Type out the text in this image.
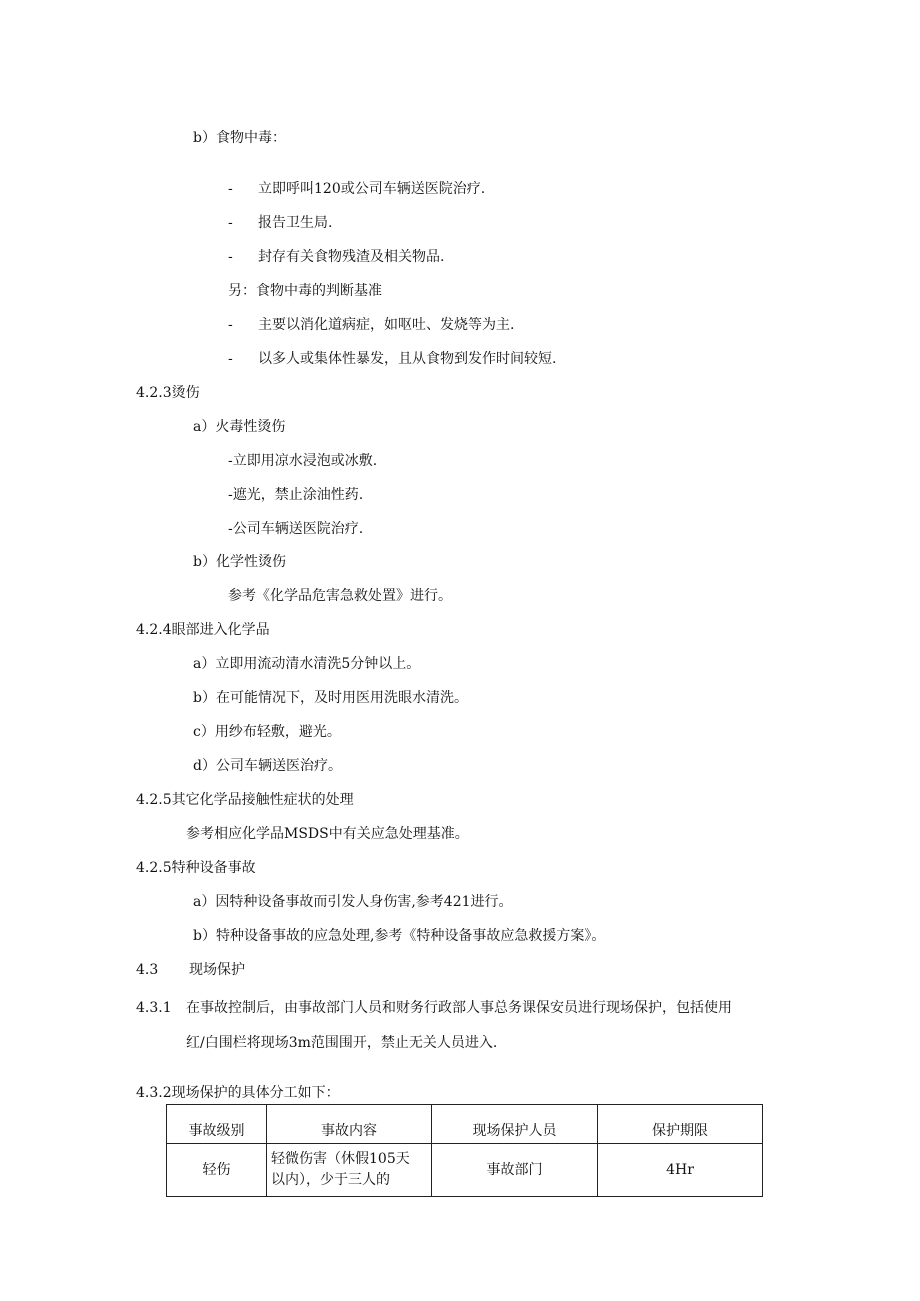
b）食物中毒：
- 立即呼叫120或公司车辆送医院治疗.
- 报告卫生局.
- 封存有关食物残渣及相关物品.
另：食物中毒的判断基准
- 主要以消化道病症，如呕吐、发烧等为主.
- 以多人或集体性暴发，且从食物到发作时间较短.
4.2.3烫伤
a）火毒性烫伤
-立即用凉水浸泡或冰敷.
-遮光，禁止涂油性药.
-公司车辆送医院治疗.
b）化学性烫伤
参考《化学品危害急救处置》进行。
4.2.4眼部进入化学品
a）立即用流动清水清洗5分钟以上。
b）在可能情况下，及时用医用洗眼水清洗。
c）用纱布轻敷，避光。
d）公司车辆送医治疗。
4.2.5其它化学品接触性症状的处理
参考相应化学品MSDS中有关应急处理基准。
4.2.5特种设备事故
a）因特种设备事故而引发人身伤害,参考421进行。
b）特种设备事故的应急处理,参考《特种设备事故应急救援方案》。
4.3 现场保护
4.3.1 在事故控制后，由事故部门人员和财务行政部人事总务课保安员进行现场保护，包括使用
红/白围栏将现场3m范围围开，禁止无关人员进入.
4.3.2现场保护的具体分工如下：
事故级别	事故内容	现场保护人员	保护期限
轻伤	轻微伤害（休假105天
以内），少于三人的	事故部门	4Hr
